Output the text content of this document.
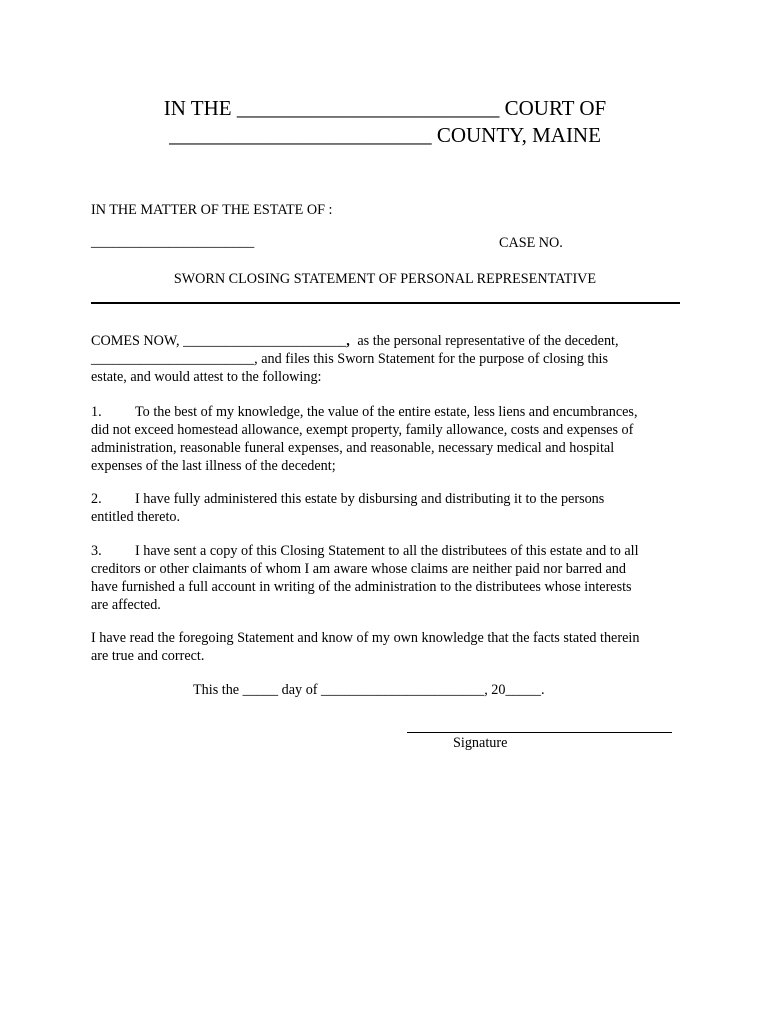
IN THE _________________________ COURT OF
_________________________ COUNTY, MAINE
IN THE MATTER OF THE ESTATE OF :
_______________________	CASE NO.
SWORN CLOSING STATEMENT OF PERSONAL REPRESENTATIVE
COMES NOW, _______________________, as the personal representative of the decedent,
_______________________, and files this Sworn Statement for the purpose of closing this
estate, and would attest to the following:
1. To the best of my knowledge, the value of the entire estate, less liens and encumbrances,
did not exceed homestead allowance, exempt property, family allowance, costs and expenses of
administration, reasonable funeral expenses, and reasonable, necessary medical and hospital
expenses of the last illness of the decedent;
2. I have fully administered this estate by disbursing and distributing it to the persons
entitled thereto.
3. I have sent a copy of this Closing Statement to all the distributees of this estate and to all
creditors or other claimants of whom I am aware whose claims are neither paid nor barred and
have furnished a full account in writing of the administration to the distributees whose interests
are affected.
I have read the foregoing Statement and know of my own knowledge that the facts stated therein
are true and correct.
This the _____ day of _______________________, 20_____.
Signature
